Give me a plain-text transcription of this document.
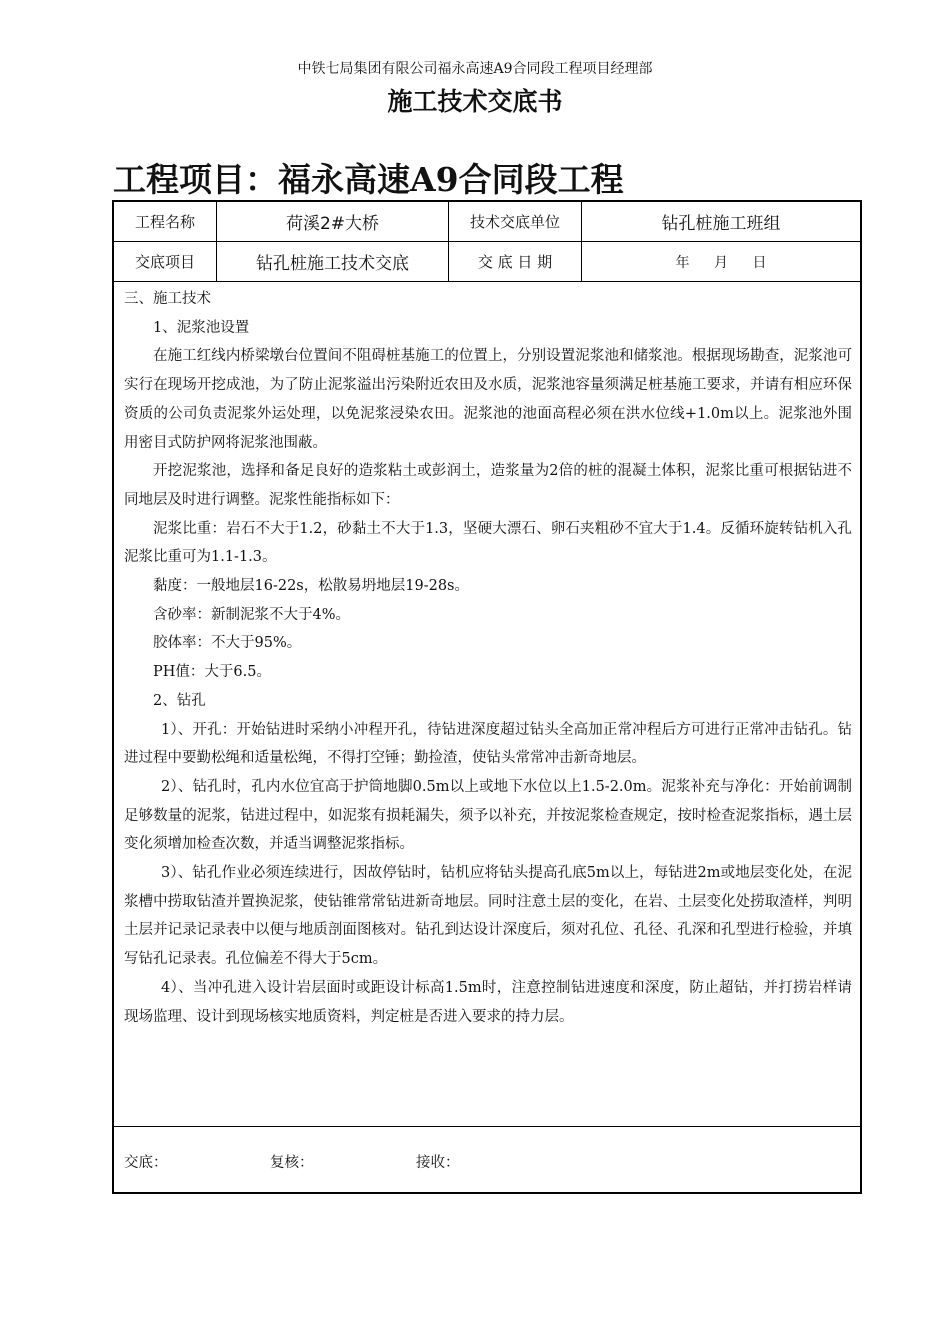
中铁七局集团有限公司福永高速A9合同段工程项目经理部
施工技术交底书
工程项目：福永高速A9合同段工程
工程名称	荷溪2#大桥	技术交底单位	钻孔桩施工班组
交底项目	钻孔桩施工技术交底	交 底 日 期	年 月 日

三、施工技术

1、泥浆池设置

在施工红线内桥梁墩台位置间不阻碍桩基施工的位置上，分别设置泥浆池和储浆池。根据现场勘查，泥浆池可实行在现场开挖成池，为了防止泥浆溢出污染附近农田及水质，泥浆池容量须满足桩基施工要求，并请有相应环保资质的公司负责泥浆外运处理，以免泥浆浸染农田。泥浆池的池面高程必须在洪水位线+1.0m以上。泥浆池外围用密目式防护网将泥浆池围蔽。

开挖泥浆池，选择和备足良好的造浆粘土或彭润土，造浆量为2倍的桩的混凝土体积，泥浆比重可根据钻进不同地层及时进行调整。泥浆性能指标如下：

泥浆比重：岩石不大于1.2，砂黏土不大于1.3，坚硬大漂石、卵石夹粗砂不宜大于1.4。反循环旋转钻机入孔泥浆比重可为1.1-1.3。

黏度：一般地层16-22s，松散易坍地层19-28s。

含砂率：新制泥浆不大于4%。

胶体率：不大于95%。

PH值：大于6.5。

2、钻孔

1）、开孔：开始钻进时采纳小冲程开孔，待钻进深度超过钻头全高加正常冲程后方可进行正常冲击钻孔。钻进过程中要勤松绳和适量松绳，不得打空锤；勤捡渣，使钻头常常冲击新奇地层。

2）、钻孔时，孔内水位宜高于护筒地脚0.5m以上或地下水位以上1.5-2.0m。泥浆补充与净化：开始前调制足够数量的泥浆，钻进过程中，如泥浆有损耗漏失，须予以补充，并按泥浆检查规定，按时检查泥浆指标，遇土层变化须增加检查次数，并适当调整泥浆指标。

3）、钻孔作业必须连续进行，因故停钻时，钻机应将钻头提高孔底5m以上，每钻进2m或地层变化处，在泥浆槽中捞取钻渣并置换泥浆，使钻锥常常钻进新奇地层。同时注意土层的变化，在岩、土层变化处捞取渣样，判明土层并记录记录表中以便与地质剖面图核对。钻孔到达设计深度后，须对孔位、孔径、孔深和孔型进行检验，并填写钻孔记录表。孔位偏差不得大于5cm。

4）、当冲孔进入设计岩层面时或距设计标高1.5m时，注意控制钻进速度和深度，防止超钻，并打捞岩样请现场监理、设计到现场核实地质资料，判定桩是否进入要求的持力层。

交底：	复核：	接收：
